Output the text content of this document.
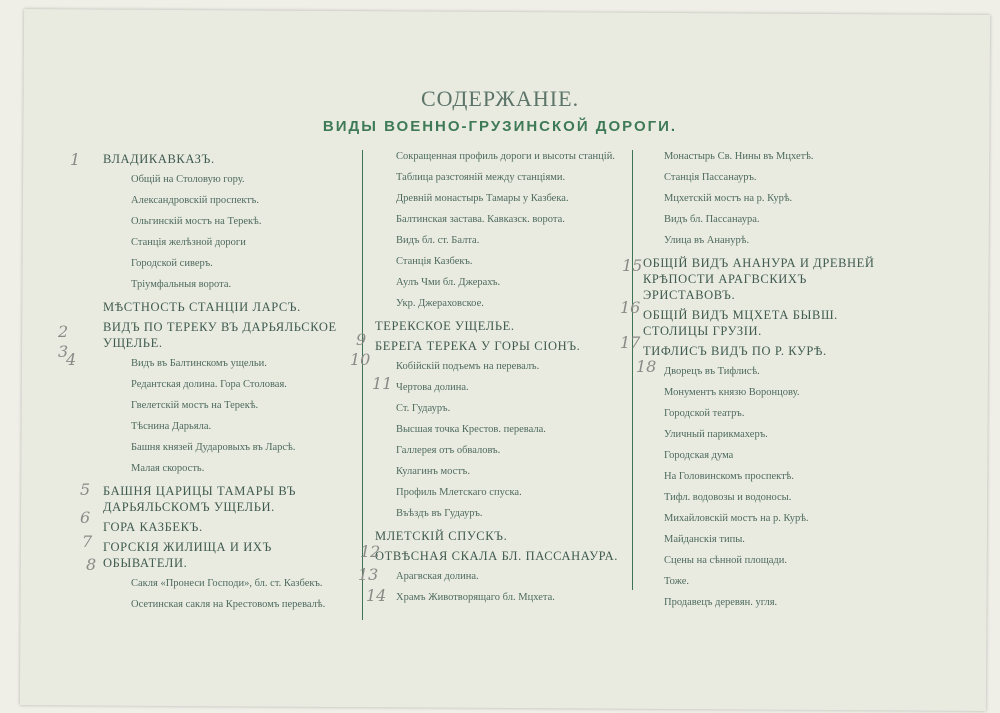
СОДЕРЖАНІЕ.
ВИДЫ ВОЕННО-ГРУЗИНСКОЙ ДОРОГИ.
ВЛАДИКАВКАЗЪ.
Общій на Столовую гору.
Александровскій проспектъ.
Ольгинскій мостъ на Терекѣ.
Станція желѣзной дороги
Городской сиверъ.
Тріумфальныя ворота.
МѢСТНОСТЬ СТАНЦІИ ЛАРСЪ.
ВИДЪ ПО ТЕРЕКУ ВЪ ДАРЬЯЛЬСКОЕ УЩЕЛЬЕ.
Видъ въ Балтинскомъ ущельи.
Редантская долина. Гора Столовая.
Гвелетскій мостъ на Терекѣ.
Тѣснина Дарьяла.
Башня князей Дударовыхъ въ Ларсѣ.
Малая скорость.
БАШНЯ ЦАРИЦЫ ТАМАРЫ ВЪ ДАРЬЯЛЬСКОМЪ УЩЕЛЬИ.
ГОРА КАЗБЕКЪ.
ГОРСКІЯ ЖИЛИЩА И ИХЪ ОБЫВАТЕЛИ.
Сакля «Пронеси Господи», бл. ст. Казбекъ.
Осетинская сакля на Крестовомъ перевалѣ.
Сокращенная профиль дороги и высоты станцій.
Таблица разстояній между станціями.
Древній монастырь Тамары у Казбека.
Балтинская застава. Кавказск. ворота.
Видъ бл. ст. Балта.
Станція Казбекъ.
Аулъ Чми бл. Джерахъ.
Укр. Джераховское.
ТЕРЕКСКОЕ УЩЕЛЬЕ.
БЕРЕГА ТЕРЕКА У ГОРЫ СІОНЪ.
Кобійскій подъемъ на перевалъ.
Чертова долина.
Ст. Гудауръ.
Высшая точка Крестов. перевала.
Галлерея отъ обваловъ.
Кулагинъ мостъ.
Профиль Млетскаго спуска.
Въѣздъ въ Гудауръ.
МЛЕТСКІЙ СПУСКЪ.
ОТВѢСНАЯ СКАЛА БЛ. ПАССАНАУРА.
Арагвская долина.
Храмъ Животворящаго бл. Мцхета.
Монастырь Св. Нины въ Мцхетѣ.
Станція Пассанауръ.
Мцхетскій мостъ на р. Курѣ.
Видъ бл. Пассанаура.
Улица въ Ананурѣ.
ОБЩІЙ ВИДЪ АНАНУРА И ДРЕВНЕЙ КРѢПОСТИ АРАГВСКИХЪ ЭРИСТАВОВЪ.
ОБЩІЙ ВИДЪ МЦХЕТА БЫВШ. СТОЛИЦЫ ГРУЗІИ.
ТИФЛИСЪ ВИДЪ ПО Р. КУРѢ.
Дворецъ въ Тифлисѣ.
Монументъ князю Воронцову.
Городской театръ.
Уличный парикмахеръ.
Городская дума
На Головинскомъ проспектѣ.
Тифл. водовозы и водоносы.
Михайловскій мостъ на р. Курѣ.
Майданскія типы.
Сцены на сѣнной площади.
Тоже.
Продавецъ деревян. угля.
1
2
3
4
5
6
7
8
9
10
11
12
13
14
15
16
17
18
